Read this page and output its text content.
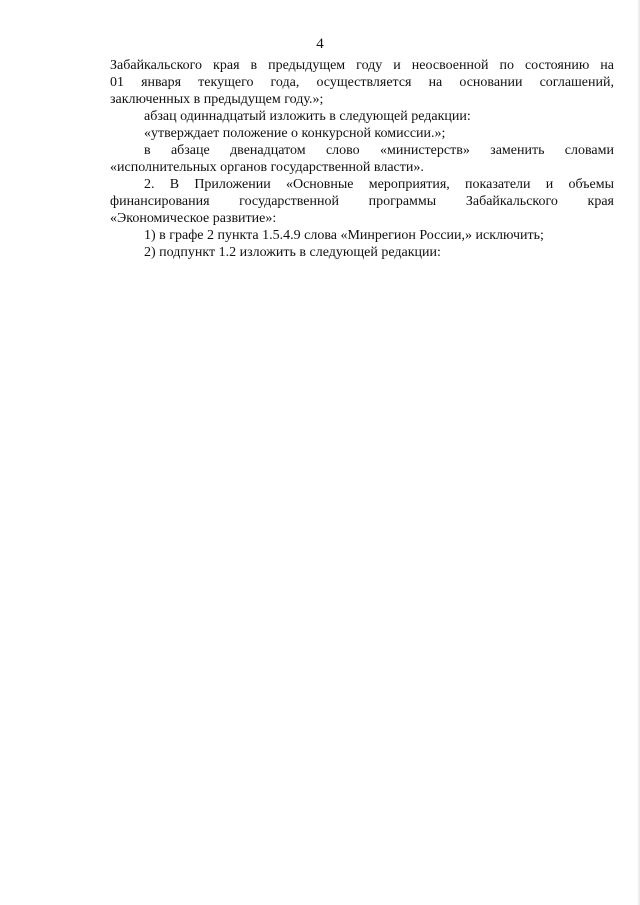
4
Забайкальского края в предыдущем году и неосвоенной по состоянию на
01 января текущего года, осуществляется на основании соглашений,
заключенных в предыдущем году.»;

абзац одиннадцатый изложить в следующей редакции:

«утверждает положение о конкурсной комиссии.»;

в абзаце двенадцатом слово «министерств» заменить словами
«исполнительных органов государственной власти».
2. В Приложении «Основные мероприятия, показатели и объемы
финансирования государственной программы Забайкальского края
«Экономическое развитие»:

1) в графе 2 пункта 1.5.4.9 слова «Минрегион России,» исключить;

2) подпункт 1.2 изложить в следующей редакции:
